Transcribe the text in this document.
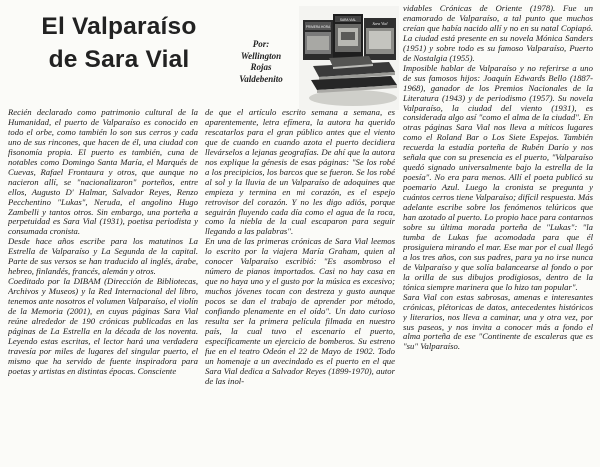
El Valparaíso
de Sara Vial
Por:
Wellington
Rojas
Valdebenito
PRIMERA HORA
SARA VIAL
Sara Vial

Recién declarado como patrimonio cultural de la Humanidad, el puerto de Valparaíso es conocido en todo el orbe, como también lo son sus cerros y cada uno de sus rincones, que hacen de él, una ciudad con fisonomía propia. El puerto es también, cuna de notables como Domingo Santa María, el Marqués de Cuevas, Rafael Frontaura y otros, que aunque no nacieron allí, se "nacionalizaron" porteños, entre ellos, Augusto D' Halmar, Salvador Reyes, Renzo Pecchentino "Lukas", Neruda, el angolino Hugo Zambelli y tantos otros. Sin embargo, una porteña a perpetuidad es Sara Vial (1931), poetisa periodista y consumada cronista.

Desde hace años escribe para los matutinos La Estrella de Valparaíso y La Segunda de la capital. Parte de sus versos se han traducido al inglés, árabe, hebreo, finlandés, francés, alemán y otros.

Coeditado por la DIBAM (Dirección de Bibliotecas, Archivos y Museos) y la Red Internacional del libro, tenemos ante nosotros el volumen Valparaíso, el violín de la Memoria (2001), en cuyas páginas Sara Vial reúne alrededor de 190 crónicas publicadas en las páginas de La Estrella en la década de los noventa. Leyendo estas escritas, el lector hará una verdadera travesía por miles de lugares del singular puerto, el mismo que ha servido de fuente inspiradora para poetas y artistas en distintas épocas. Consciente

de que el artículo escrito semana a semana, es aparentemente, letra efímera, la autora ha querido rescatarlos para el gran público antes que el viento que de cuando en cuando azota el puerto decidiera llevárselos a lejanas geografías. De ahí que la autora nos explique la génesis de esas páginas: "Se los robé a los precipicios, los barcos que se fueron. Se los robé al sol y la lluvia de un Valparaíso de adoquines que empieza y termina en mi corazón, es el espejo retrovisor del corazón. Y no les digo adiós, porque seguirán fluyendo cada día como el agua de la roca, como la niebla de la cual escaparon para seguir llegando a las palabras".

En una de las primeras crónicas de Sara Vial leemos lo escrito por la viajera María Graham, quien al conocer Valparaíso escribió: "Es asombroso el número de pianos importados. Casi no hay casa en que no haya uno y el gusto por la música es excesivo; muchos jóvenes tocan con destreza y gusto aunque pocos se dan el trabajo de aprender por método, confiando plenamente en el oído". Un dato curioso resulta ser la primera película filmada en nuestro país, la cual tuvo el escenario el puerto, específicamente un ejercicio de bomberos. Su estreno fue en el teatro Odeón el 22 de Mayo de 1902. Todo un homenaje a un avecindado es el puerto en el que Sara Vial dedica a Salvador Reyes (1899-1970), autor de las inol-

vidables Crónicas de Oriente (1978). Fue un enamorado de Valparaíso, a tal punto que muchos creían que había nacido allí y no en su natal Copiapó. La ciudad está presente en su novela Mónica Sanders (1951) y sobre todo es su famoso Valparaíso, Puerto de Nostalgia (1955).

Imposible hablar de Valparaíso y no referirse a uno de sus famosos hijos: Joaquín Edwards Bello (1887-1968), ganador de los Premios Nacionales de la Literatura (1943) y de periodismo (1957). Su novela Valparaíso, la ciudad del viento (1931), es considerada algo así "como el alma de la ciudad". En otras páginas Sara Vial nos lleva a míticos lugares como el Roland Bar o Los Siete Espejos. También recuerda la estadía porteña de Rubén Darío y nos señala que con su presencia es el puerto, "Valparaíso quedó signado universalmente bajo la estrella de la poesía". No era para menos. Allí el poeta publicó su poemario Azul. Luego la cronista se pregunta y cuántos cerros tiene Valparaíso; difícil respuesta. Más adelante escribe sobre los fenómenos telúricos que han azotado al puerto. Lo propio hace para contarnos sobre su última morada porteña de "Lukas": "la tumba de Lukas fue acomodada para que él prosiguiera mirando el mar. Ese mar por el cual llegó a los tres años, con sus padres, para ya no irse nunca de Valparaíso y que solía balancearse al fondo o por la orilla de sus dibujos prodigiosos, dentro de la tónica siempre marinera que lo hizo tan popular".

Sara Vial con estas sabrosas, amenas e interesantes crónicas, plétoricas de datos, antecedentes históricos y literarios, nos lleva a caminar, una y otra vez, por sus paseos, y nos invita a conocer más a fondo el alma porteña de ese "Continente de escaleras que es "su" Valparaíso.
